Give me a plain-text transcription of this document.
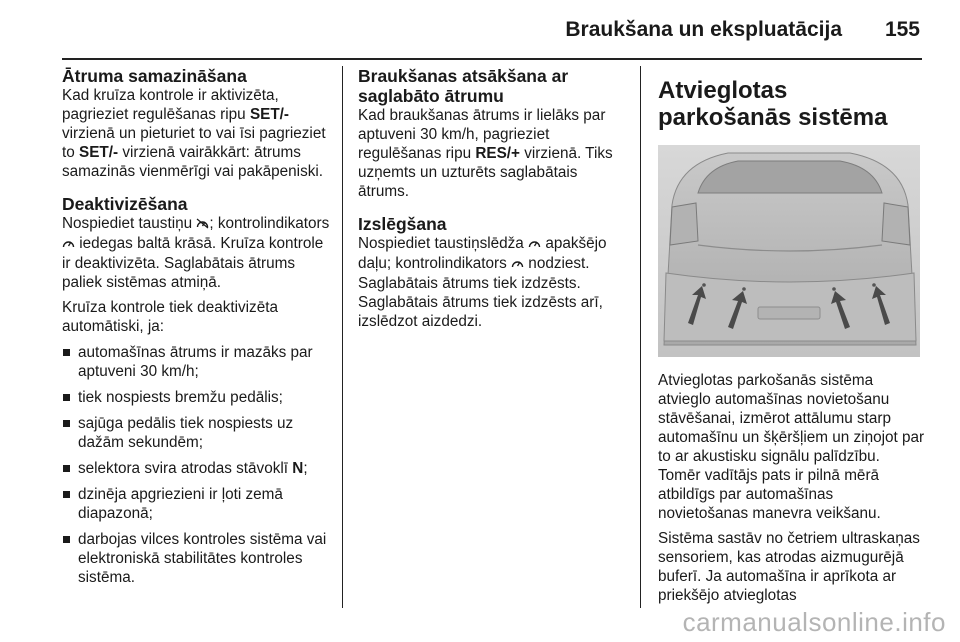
Braukšana un ekspluatācija 155
Ātruma samazināšana

Kad kruīza kontrole ir aktivizēta, pagrieziet regulēšanas ripu SET/- virzienā un pieturiet to vai īsi pagrieziet to SET/- virzienā vairākkārt: ātrums samazinās vienmērīgi vai pakāpeniski.

Deaktivizēšana

Nospiediet taustiņu ; kontrolindikators  iedegas baltā krāsā. Kruīza kontrole ir deaktivizēta. Saglabātais ātrums paliek sistēmas atmiņā.

Kruīza kontrole tiek deaktivizēta automātiski, ja:

automašīnas ātrums ir mazāks par aptuveni 30 km/h;
tiek nospiests bremžu pedālis;
sajūga pedālis tiek nospiests uz dažām sekundēm;
selektora svira atrodas stāvoklī N;
dzinēja apgriezieni ir ļoti zemā diapazonā;
darbojas vilces kontroles sistēma vai elektroniskā stabilitātes kontroles sistēma.
Braukšanas atsākšana ar saglabāto ātrumu

Kad braukšanas ātrums ir lielāks par aptuveni 30 km/h, pagrieziet regulēšanas ripu RES/+ virzienā. Tiks uzņemts un uzturēts saglabātais ātrums.

Izslēgšana

Nospiediet taustiņslēdža  apakšējo daļu; kontrolindikators  nodziest. Saglabātais ātrums tiek izdzēsts. Saglabātais ātrums tiek izdzēsts arī, izslēdzot aizdedzi.

Atvieglotas parkošanās sistēma

Atvieglotas parkošanās sistēma atvieglo automašīnas novietošanu stāvēšanai, izmērot attālumu starp automašīnu un šķēršļiem un ziņojot par to ar akustisku signālu palīdzību. Tomēr vadītājs pats ir pilnā mērā atbildīgs par automašīnas novietošanas manevra veikšanu.

Sistēma sastāv no četriem ultraskaņas sensoriem, kas atrodas aizmugurējā buferī. Ja automašīna ir aprīkota ar priekšējo atvieglotas

carmanualsonline.info
